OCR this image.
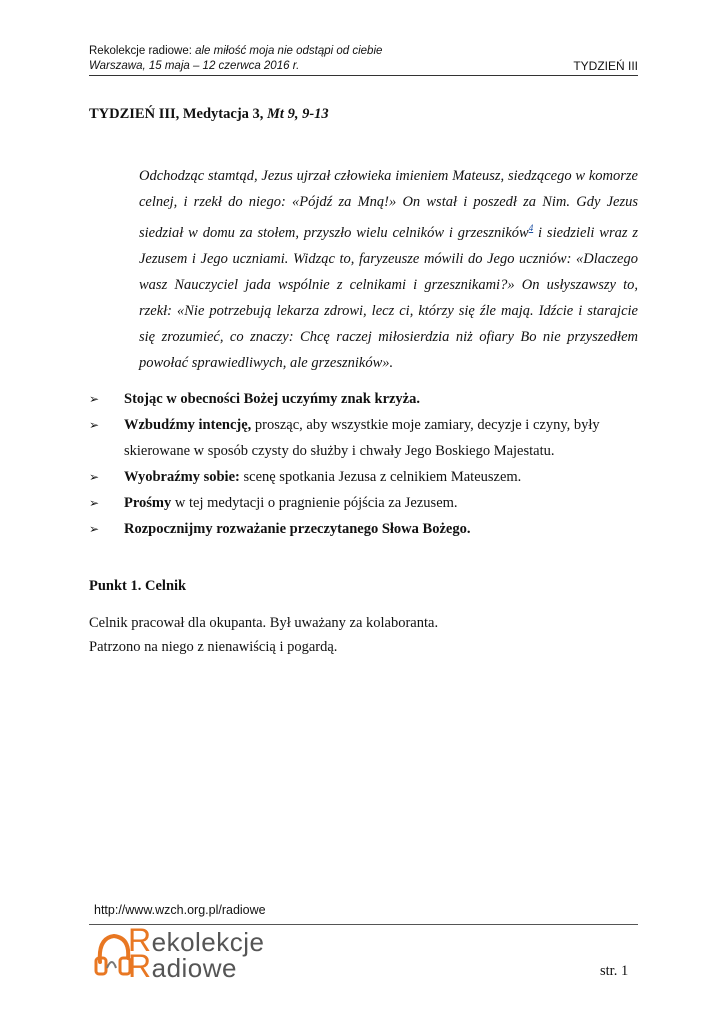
Rekolekcje radiowe: ale miłość moja nie odstąpi od ciebie
Warszawa, 15 maja – 12 czerwca 2016 r.	TYDZIEŃ III
TYDZIEŃ III, Medytacja 3, Mt 9, 9-13
Odchodząc stamtąd, Jezus ujrzał człowieka imieniem Mateusz, siedzącego w komorze celnej, i rzekł do niego: «Pójdź za Mną!» On wstał i poszedł za Nim. Gdy Jezus siedział w domu za stołem, przyszło wielu celników i grzeszników$^4$ i siedzieli wraz z Jezusem i Jego uczniami. Widząc to, faryzeusze mówili do Jego uczniów: «Dlaczego wasz Nauczyciel jada wspólnie z celnikami i grzesznikami?» On usłyszawszy to, rzekł: «Nie potrzebują lekarza zdrowi, lecz ci, którzy się źle mają. Idźcie i starajcie się zrozumieć, co znaczy: Chcę raczej miłosierdzia niż ofiary Bo nie przyszedłem powołać sprawiedliwych, ale grzeszników».
➢ Stojąc w obecności Bożej uczyńmy znak krzyża.
➢ Wzbudźmy intencję, prosząc, aby wszystkie moje zamiary, decyzje i czyny, były skierowane w sposób czysty do służby i chwały Jego Boskiego Majestatu.
➢ Wyobraźmy sobie: scenę spotkania Jezusa z celnikiem Mateuszem.
➢ Prośmy w tej medytacji o pragnienie pójścia za Jezusem.
➢ Rozpocznijmy rozważanie przeczytanego Słowa Bożego.
Punkt 1. Celnik
Celnik pracował dla okupanta. Był uważany za kolaboranta.
Patrzono na niego z nienawiścią i pogardą.
http://www.wzch.org.pl/radiowe
Rekolekcje
Radiowe	str. 1
